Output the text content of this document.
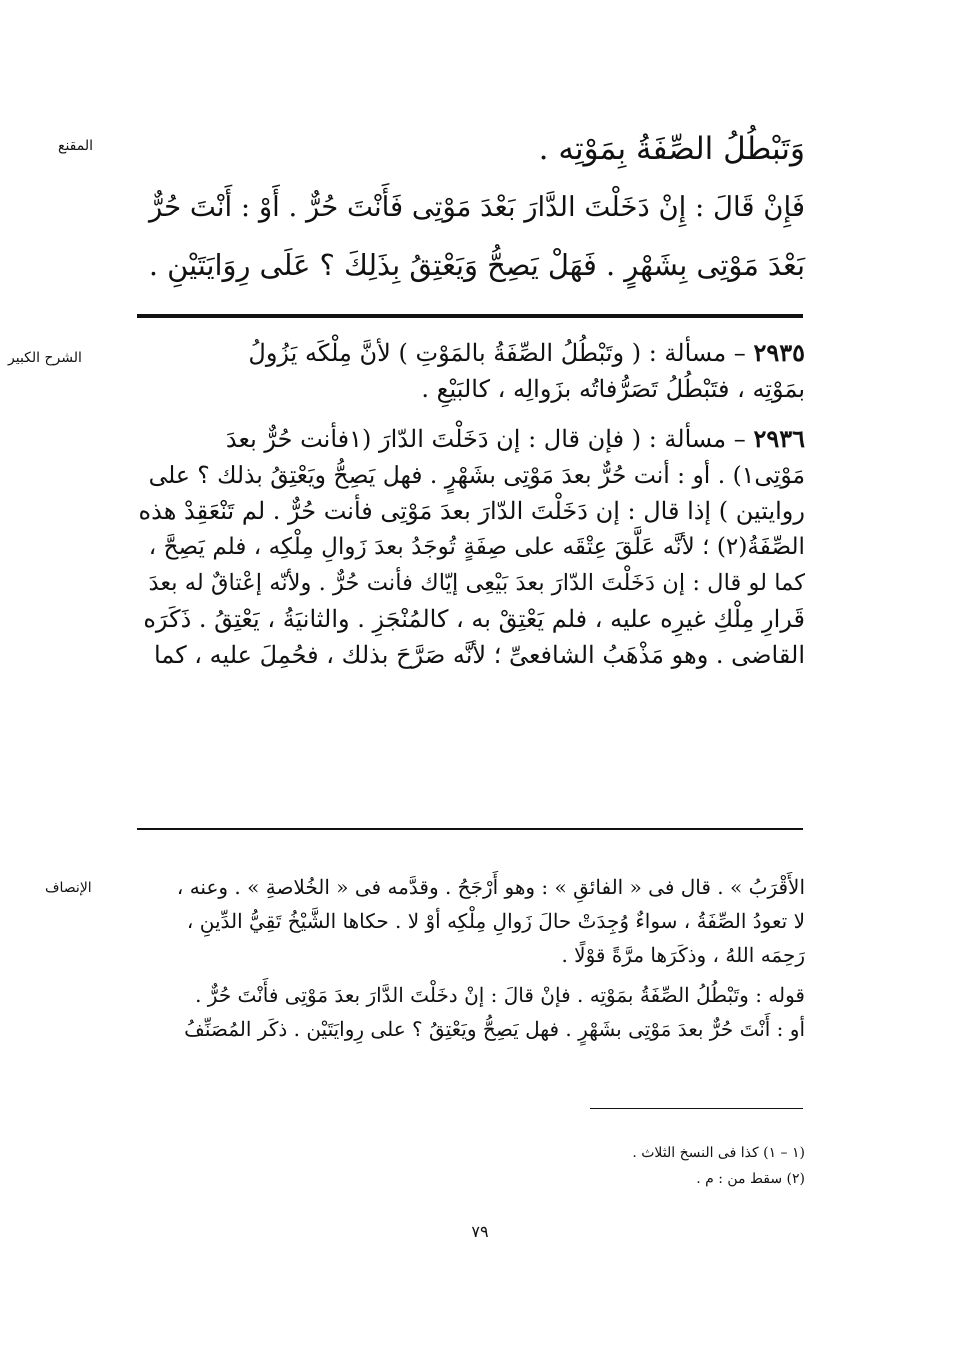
المقنع	وَتَبْطُلُ الصِّفَةُ بِمَوْتِه .
فَإِنْ قَالَ : إِنْ دَخَلْتَ الدَّارَ بَعْدَ مَوْتِى فَأَنْتَ حُرٌّ . أَوْ : أَنْتَ حُرٌّ
بَعْدَ مَوْتِى بِشَهْرٍ . فَهَلْ يَصِحُّ وَيَعْتِقُ بِذَلِكَ ؟ عَلَى رِوَايَتَيْنِ .
الشرح الكبير	٢٩٣٥ – مسألة : ( وتَبْطُلُ الصِّفَةُ بالمَوْتِ ) لأنَّ مِلْكَه يَزُولُ
بمَوْتِه ، فتَبْطُلُ تَصَرُّفاتُه بزَوالِه ، كالبَيْعِ .
٢٩٣٦ – مسألة : ( فإن قال : إن دَخَلْتَ الدّارَ (١فأنت حُرٌّ بعدَ
مَوْتِى١) . أو : أنت حُرٌّ بعدَ مَوْتِى بشَهْرٍ . فهل يَصِحُّ ويَعْتِقُ بذلك ؟ على
روايتين ) إذا قال : إن دَخَلْتَ الدّارَ بعدَ مَوْتِى فأنت حُرٌّ . لم تَنْعَقِدْ هذه
الصِّفَةُ(٢) ؛ لأنَّه عَلَّقَ عِتْقَه على صِفَةٍ تُوجَدُ بعدَ زَوالِ مِلْكِه ، فلم يَصِحَّ ،
كما لو قال : إن دَخَلْتَ الدّارَ بعدَ بَيْعِى إيّاك فأنت حُرٌّ . ولأنّه إعْتاقٌ له بعدَ
قَرارِ مِلْكِ غيرِه عليه ، فلم يَعْتِقْ به ، كالمُنْجَزِ . والثانيَةُ ، يَعْتِقُ . ذَكَرَه
القاضى . وهو مَذْهَبُ الشافعىِّ ؛ لأنَّه صَرَّحَ بذلك ، فحُمِلَ عليه ، كما
الإنصاف	الأَقْرَبُ » . قال فى « الفائقِ » : وهو أَرْجَحُ . وقدَّمه فى « الخُلاصةِ » . وعنه ،
لا تعودُ الصِّفَةُ ، سواءٌ وُجِدَتْ حالَ زَوالِ مِلْكِه أوْ لا . حكاها الشَّيْخُ تَقِيُّ الدِّينِ ،
رَحِمَه اللهُ ، وذكَرَها مرَّةً قوْلًا .
قوله : وتَبْطُلُ الصِّفَةُ بمَوْتِه . فإنْ قالَ : إنْ دخَلْتَ الدَّارَ بعدَ مَوْتِى فأَنْتَ حُرٌّ .
أو : أَنْتَ حُرٌّ بعدَ مَوْتِى بشَهْرٍ . فهل يَصِحُّ ويَعْتِقُ ؟ على رِوايَتَيْن . ذكَر المُصَنِّفُ
(١ – ١) كذا فى النسخ الثلاث .
(٢) سقط من : م .
٧٩
